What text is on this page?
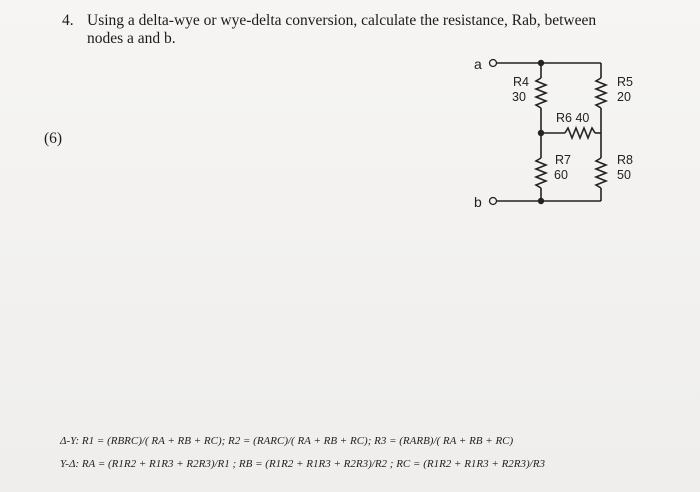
4. Using a delta-wye or wye-delta conversion, calculate the resistance, Rab, between
nodes a and b.
(6)
a
b
R4
30
R5
20
R6 40
R7
60
R8
50
Δ-Y: R1 = (RBRC)/( RA + RB + RC); R2 = (RARC)/( RA + RB + RC); R3 = (RARB)/( RA + RB + RC)
Y-Δ: RA = (R1R2 + R1R3 + R2R3)/R1 ; RB = (R1R2 + R1R3 + R2R3)/R2 ; RC = (R1R2 + R1R3 + R2R3)/R3
